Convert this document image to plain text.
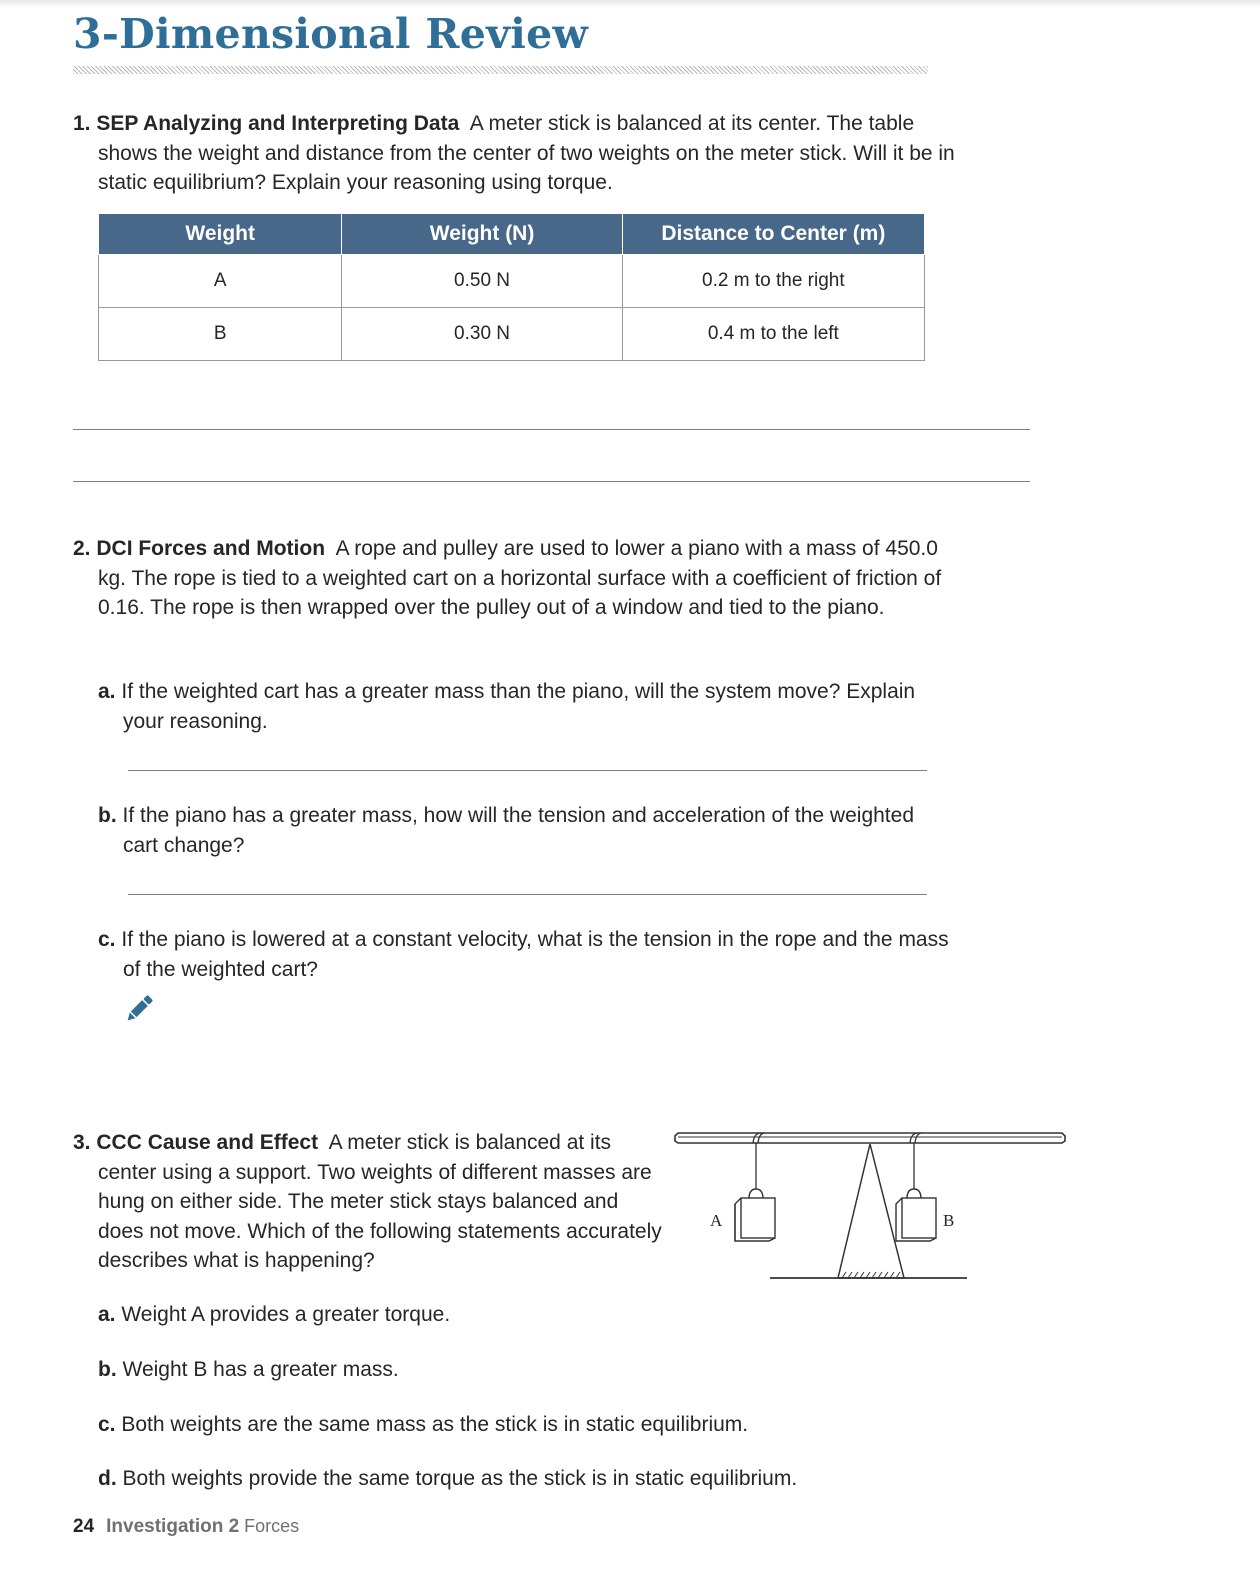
3-Dimensional Review

1. SEP Analyzing and Interpreting Data A meter stick is balanced at its center. The table shows the weight and distance from the center of two weights on the meter stick. Will it be in static equilibrium? Explain your reasoning using torque.

Weight	Weight (N)	Distance to Center (m)
A	0.50 N	0.2 m to the right
B	0.30 N	0.4 m to the left

2. DCI Forces and Motion A rope and pulley are used to lower a piano with a mass of 450.0 kg. The rope is tied to a weighted cart on a horizontal surface with a coefficient of friction of 0.16. The rope is then wrapped over the pulley out of a window and tied to the piano.

a. If the weighted cart has a greater mass than the piano, will the system move? Explain your reasoning.

b. If the piano has a greater mass, how will the tension and acceleration of the weighted cart change?

c. If the piano is lowered at a constant velocity, what is the tension in the rope and the mass of the weighted cart?

3. CCC Cause and Effect A meter stick is balanced at its center using a support. Two weights of different masses are hung on either side. The meter stick stays balanced and does not move. Which of the following statements accurately describes what is happening?

A	B

a. Weight A provides a greater torque.

b. Weight B has a greater mass.

c. Both weights are the same mass as the stick is in static equilibrium.

d. Both weights provide the same torque as the stick is in static equilibrium.

24 Investigation 2 Forces
